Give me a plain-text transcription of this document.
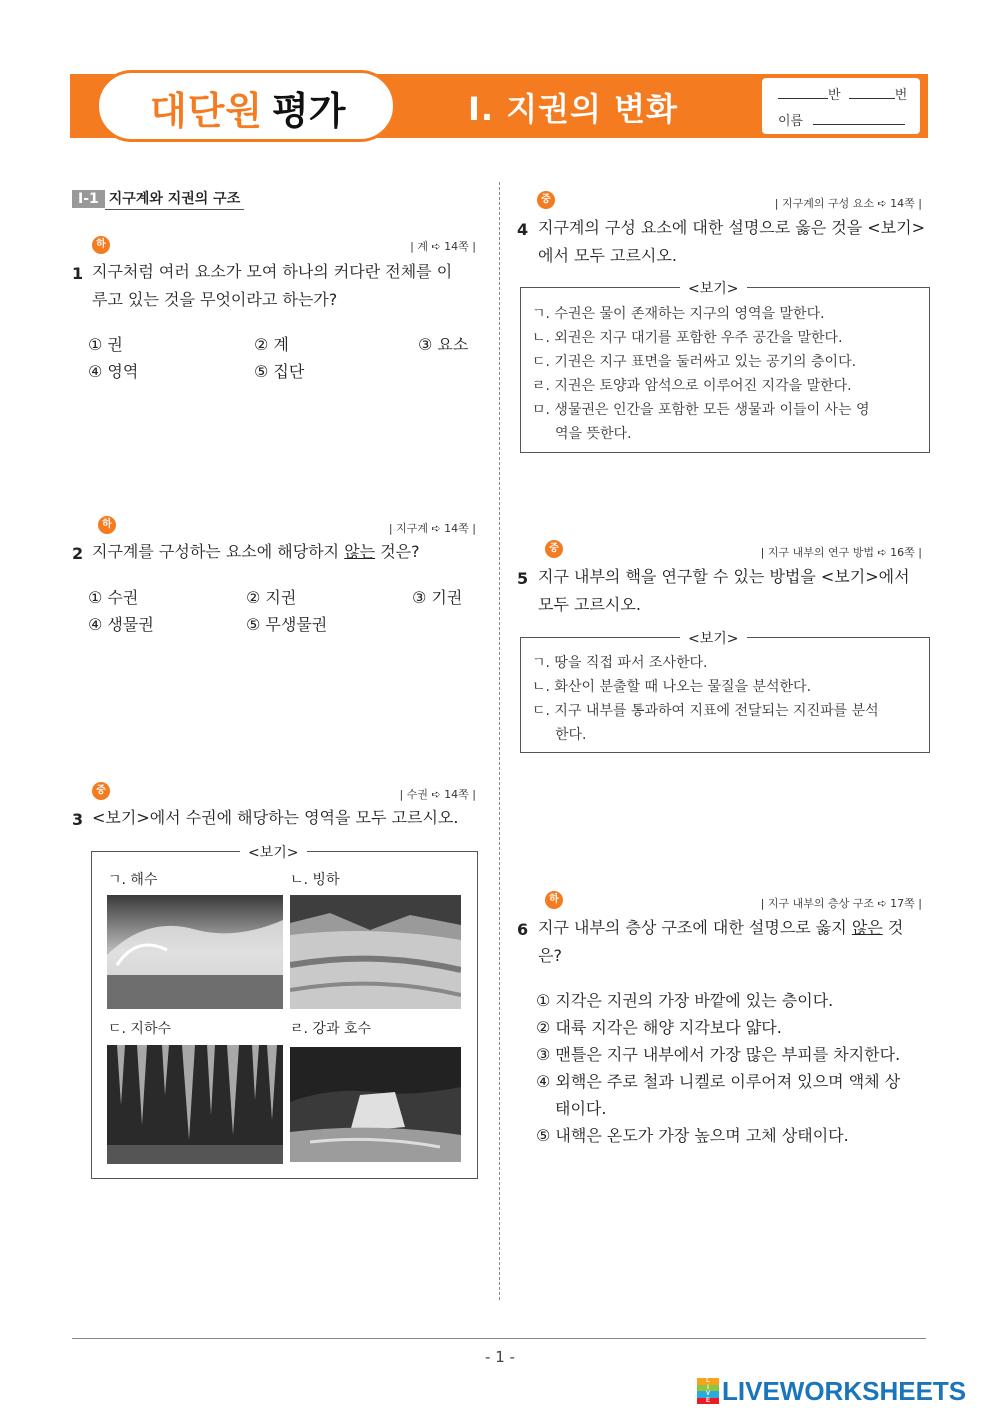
대단원 평가	Ⅰ. 지권의 변화	반	번
이름
Ⅰ-1 지구계와 지권의 구조
하	| 계 ➪ 14쪽 |
1 지구처럼 여러 요소가 모여 하나의 커다란 전체를 이
루고 있는 것을 무엇이라고 하는가?
① 권	② 계	③ 요소
④ 영역	⑤ 집단
하	| 지구계 ➪ 14쪽 |
2 지구계를 구성하는 요소에 해당하지 않는 것은?
① 수권	② 지권	③ 기권
④ 생물권	⑤ 무생물권
중	| 수권 ➪ 14쪽 |
3 <보기>에서 수권에 해당하는 영역을 모두 고르시오.
<보기>
ㄱ. 해수	ㄴ. 빙하
ㄷ. 지하수	ㄹ. 강과 호수
중	| 지구계의 구성 요소 ➪ 14쪽 |
4 지구계의 구성 요소에 대한 설명으로 옳은 것을 <보기>
에서 모두 고르시오.
<보기>
ㄱ. 수권은 물이 존재하는 지구의 영역을 말한다.
ㄴ. 외권은 지구 대기를 포함한 우주 공간을 말한다.
ㄷ. 기권은 지구 표면을 둘러싸고 있는 공기의 층이다.
ㄹ. 지권은 토양과 암석으로 이루어진 지각을 말한다.
ㅁ. 생물권은 인간을 포함한 모든 생물과 이들이 사는 영
역을 뜻한다.
중	| 지구 내부의 연구 방법 ➪ 16쪽 |
5 지구 내부의 핵을 연구할 수 있는 방법을 <보기>에서
모두 고르시오.
<보기>
ㄱ. 땅을 직접 파서 조사한다.
ㄴ. 화산이 분출할 때 나오는 물질을 분석한다.
ㄷ. 지구 내부를 통과하여 지표에 전달되는 지진파를 분석
한다.
하	| 지구 내부의 층상 구조 ➪ 17쪽 |
6 지구 내부의 층상 구조에 대한 설명으로 옳지 않은 것
은?
① 지각은 지권의 가장 바깥에 있는 층이다.
② 대륙 지각은 해양 지각보다 얇다.
③ 맨틀은 지구 내부에서 가장 많은 부피를 차지한다.
④ 외핵은 주로 철과 니켈로 이루어져 있으며 액체 상
태이다.
⑤ 내핵은 온도가 가장 높으며 고체 상태이다.
- 1 -
L
I
V
E LIVEWORKSHEETS
